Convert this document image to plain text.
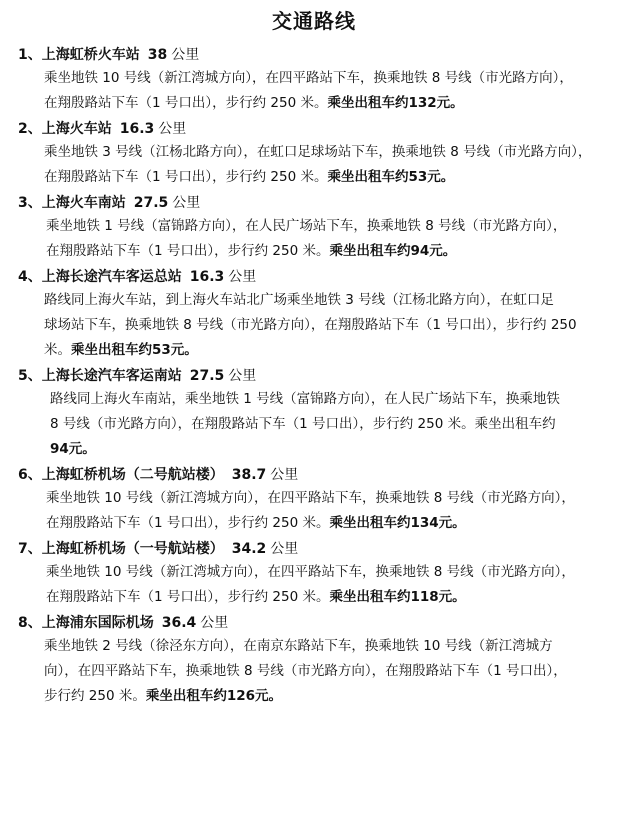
交通路线
1、上海虹桥火车站 38 公里
乘坐地铁 10 号线（新江湾城方向），在四平路站下车，换乘地铁 8 号线（市光路方向），
在翔殷路站下车（1 号口出），步行约 250 米。乘坐出租车约132元。
2、上海火车站 16.3 公里
乘坐地铁 3 号线（江杨北路方向），在虹口足球场站下车，换乘地铁 8 号线（市光路方向），
在翔殷路站下车（1 号口出），步行约 250 米。乘坐出租车约53元。
3、上海火车南站 27.5 公里
乘坐地铁 1 号线（富锦路方向），在人民广场站下车，换乘地铁 8 号线（市光路方向），
在翔殷路站下车（1 号口出），步行约 250 米。乘坐出租车约94元。
4、上海长途汽车客运总站 16.3 公里
路线同上海火车站，到上海火车站北广场乘坐地铁 3 号线（江杨北路方向），在虹口足
球场站下车，换乘地铁 8 号线（市光路方向），在翔殷路站下车（1 号口出），步行约 250
米。乘坐出租车约53元。
5、上海长途汽车客运南站 27.5 公里
路线同上海火车南站，乘坐地铁 1 号线（富锦路方向），在人民广场站下车，换乘地铁
8 号线（市光路方向），在翔殷路站下车（1 号口出），步行约 250 米。乘坐出租车约
94元。
6、上海虹桥机场（二号航站楼） 38.7 公里
乘坐地铁 10 号线（新江湾城方向），在四平路站下车，换乘地铁 8 号线（市光路方向），
在翔殷路站下车（1 号口出），步行约 250 米。乘坐出租车约134元。
7、上海虹桥机场（一号航站楼） 34.2 公里
乘坐地铁 10 号线（新江湾城方向），在四平路站下车，换乘地铁 8 号线（市光路方向），
在翔殷路站下车（1 号口出），步行约 250 米。乘坐出租车约118元。
8、上海浦东国际机场 36.4 公里
乘坐地铁 2 号线（徐泾东方向），在南京东路站下车，换乘地铁 10 号线（新江湾城方
向），在四平路站下车，换乘地铁 8 号线（市光路方向），在翔殷路站下车（1 号口出），
步行约 250 米。乘坐出租车约126元。
